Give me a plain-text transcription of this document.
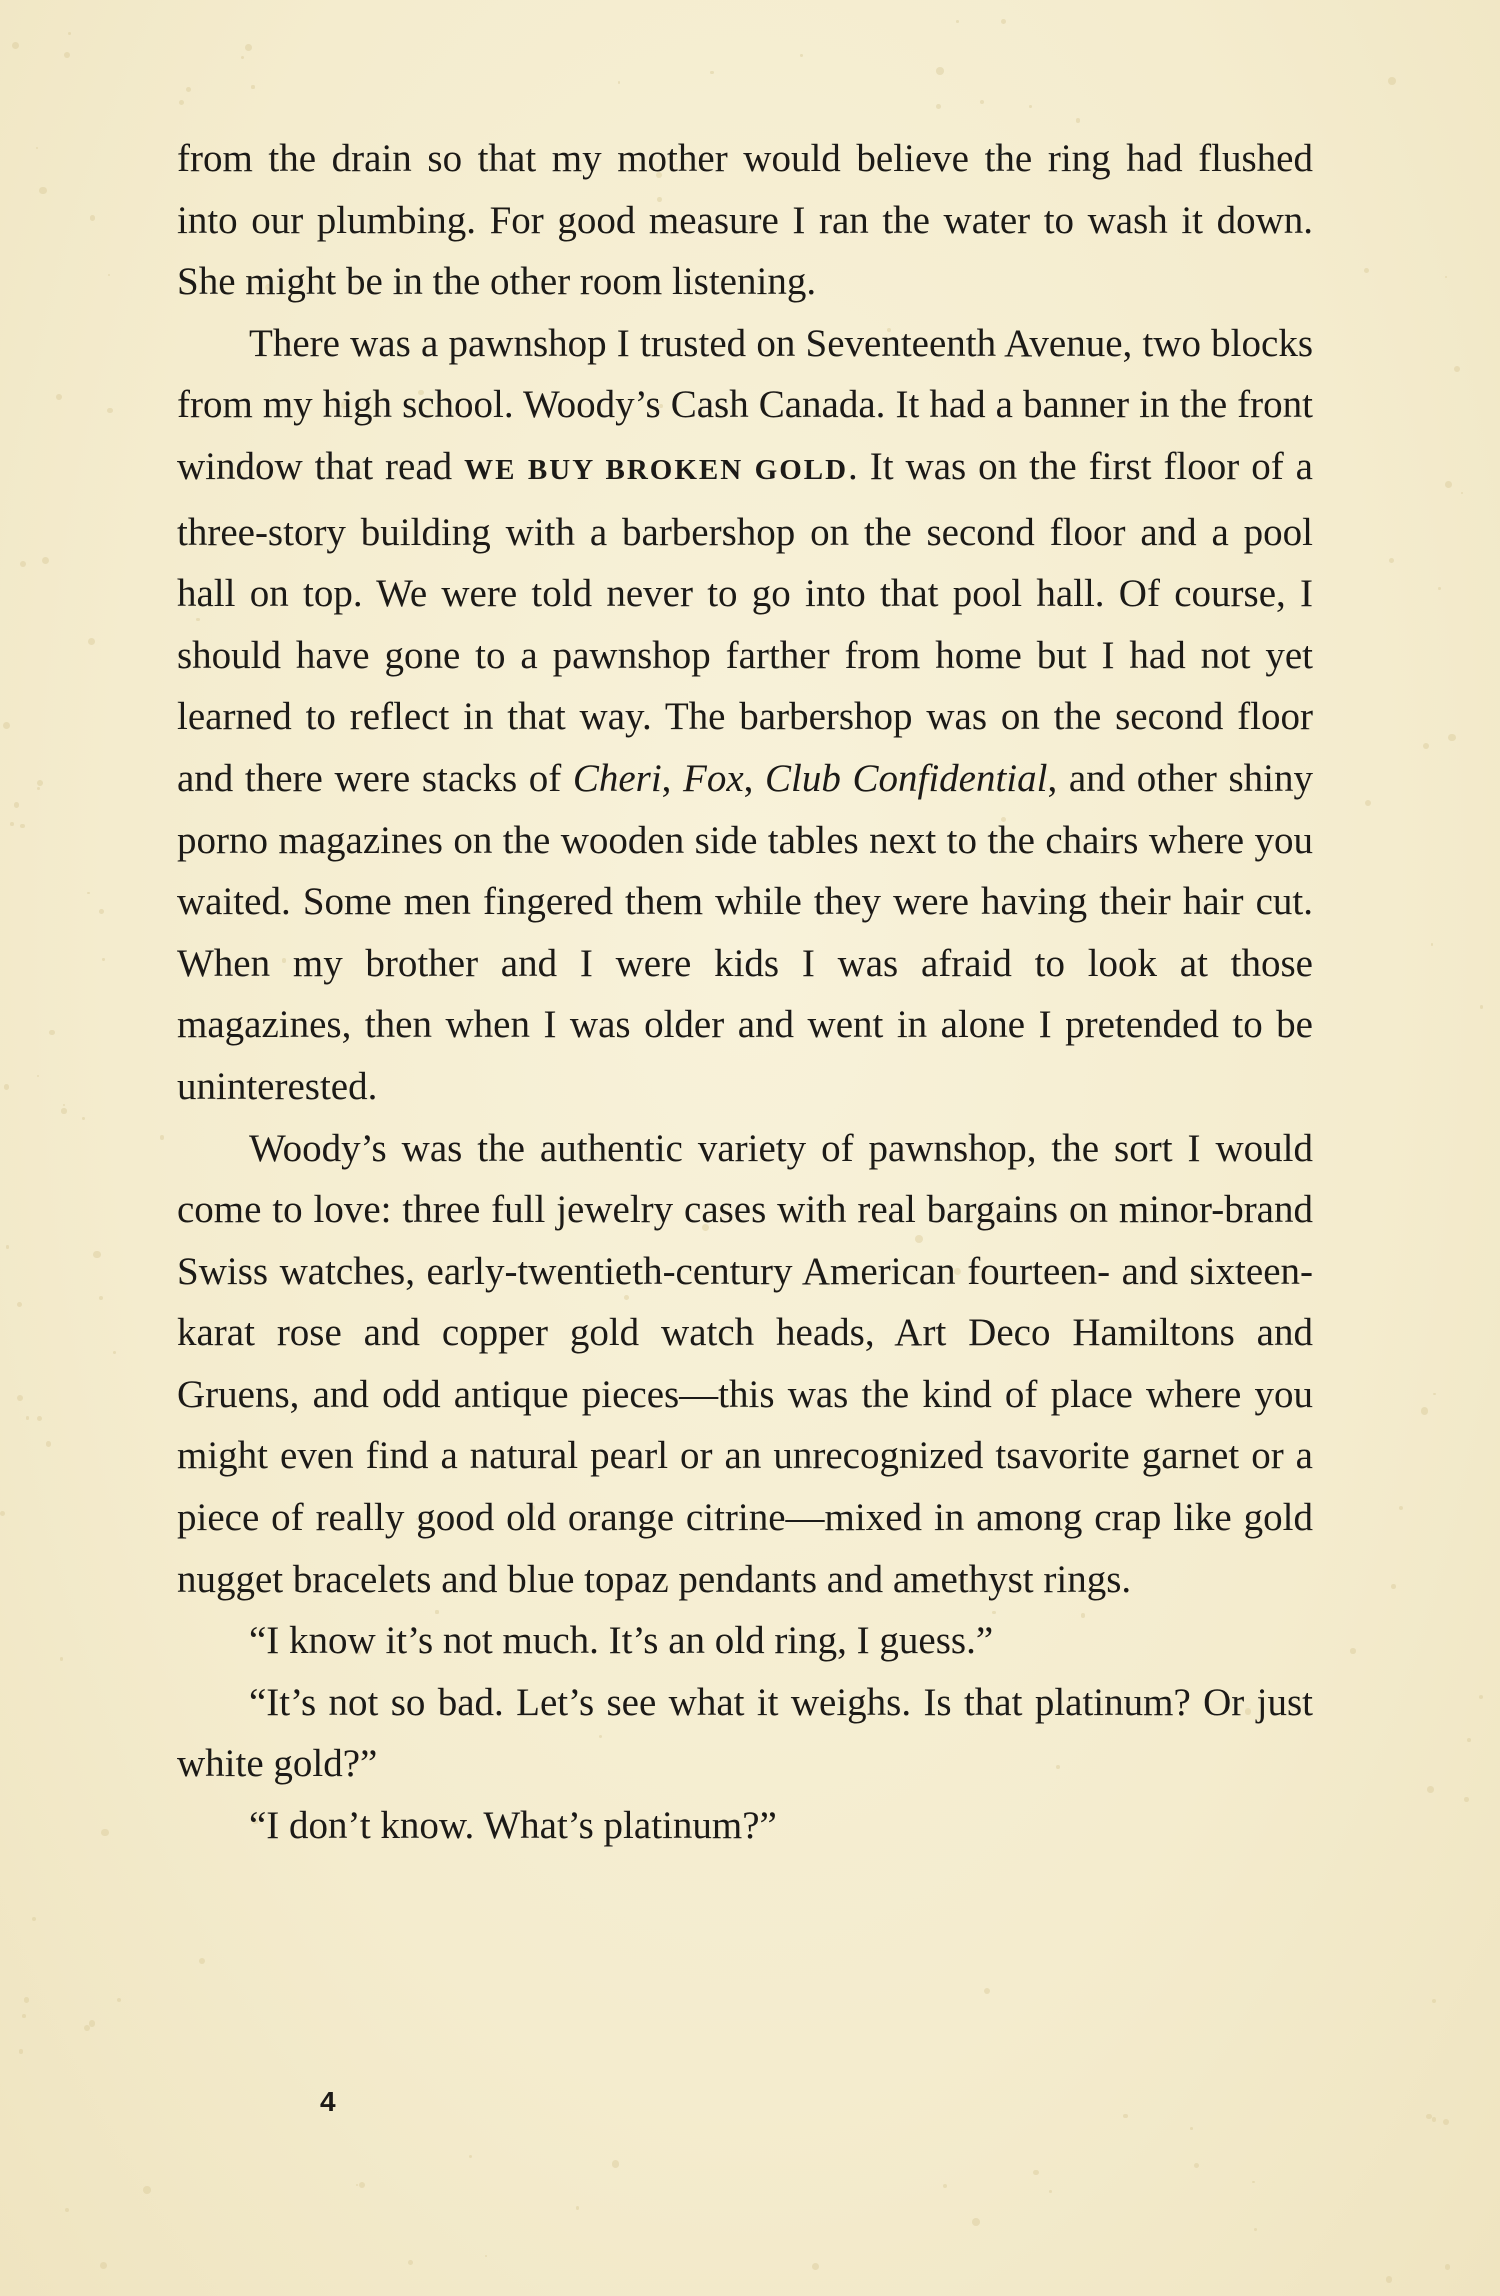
from the drain so that my mother would believe the ring had flushed into our plumbing. For good measure I ran the water to wash it down. She might be in the other room listening.

There was a pawnshop I trusted on Seventeenth Avenue, two blocks from my high school. Woody’s Cash Canada. It had a banner in the front window that read WE BUY BROKEN GOLD. It was on the first floor of a three-story building with a barbershop on the second floor and a pool hall on top. We were told never to go into that pool hall. Of course, I should have gone to a pawnshop farther from home but I had not yet learned to reflect in that way. The barbershop was on the second floor and there were stacks of Cheri, Fox, Club Confidential, and other shiny porno magazines on the wooden side tables next to the chairs where you waited. Some men fingered them while they were having their hair cut. When my brother and I were kids I was afraid to look at those magazines, then when I was older and went in alone I pretended to be uninterested.

Woody’s was the authentic variety of pawnshop, the sort I would come to love: three full jewelry cases with real bargains on minor-brand Swiss watches, early-twentieth-century American fourteen- and sixteen-karat rose and copper gold watch heads, Art Deco Hamiltons and Gruens, and odd antique pieces—this was the kind of place where you might even find a natural pearl or an unrecognized tsavorite garnet or a piece of really good old orange citrine—mixed in among crap like gold nugget bracelets and blue topaz pendants and amethyst rings.

“I know it’s not much. It’s an old ring, I guess.”

“It’s not so bad. Let’s see what it weighs. Is that platinum? Or just white gold?”

“I don’t know. What’s platinum?”

4
